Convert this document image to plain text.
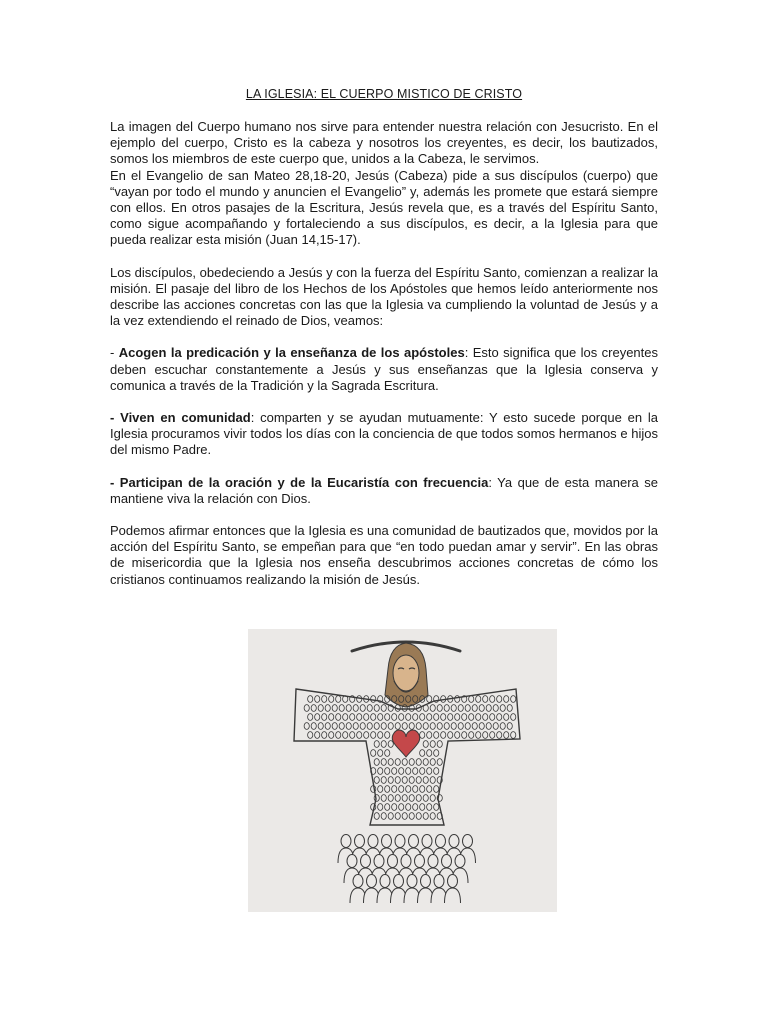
LA IGLESIA: EL CUERPO MISTICO DE CRISTO

La imagen del Cuerpo humano nos sirve para entender nuestra relación con Jesucristo. En el ejemplo del cuerpo, Cristo es la cabeza y nosotros los creyentes, es decir, los bautizados, somos los miembros de este cuerpo que, unidos a la Cabeza, le servimos.

En el Evangelio de san Mateo 28,18-20, Jesús (Cabeza) pide a sus discípulos (cuerpo) que “vayan por todo el mundo y anuncien el Evangelio” y, además les promete que estará siempre con ellos. En otros pasajes de la Escritura, Jesús revela que, es a través del Espíritu Santo, como sigue acompañando y fortaleciendo a sus discípulos, es decir, a la Iglesia para que pueda realizar esta misión (Juan 14,15-17).

Los discípulos, obedeciendo a Jesús y con la fuerza del Espíritu Santo, comienzan a realizar la misión. El pasaje del libro de los Hechos de los Apóstoles que hemos leído anteriormente nos describe las acciones concretas con las que la Iglesia va cumpliendo la voluntad de Jesús y a la vez extendiendo el reinado de Dios, veamos:

- Acogen la predicación y la enseñanza de los apóstoles: Esto significa que los creyentes deben escuchar constantemente a Jesús y sus enseñanzas que la Iglesia conserva y comunica a través de la Tradición y la Sagrada Escritura.

- Viven en comunidad: comparten y se ayudan mutuamente: Y esto sucede porque en la Iglesia procuramos vivir todos los días con la conciencia de que todos somos hermanos e hijos del mismo Padre.

- Participan de la oración y de la Eucaristía con frecuencia: Ya que de esta manera se mantiene viva la relación con Dios.

Podemos afirmar entonces que la Iglesia es una comunidad de bautizados que, movidos por la acción del Espíritu Santo, se empeñan para que “en todo puedan amar y servir”. En las obras de misericordia que la Iglesia nos enseña descubrimos acciones concretas de cómo los cristianos continuamos realizando la misión de Jesús.
